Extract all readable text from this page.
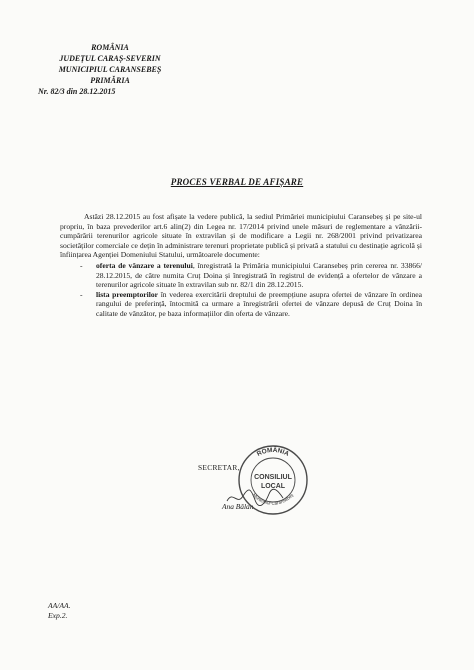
ROMÂNIA
JUDEȚUL CARAȘ-SEVERIN
MUNICIPIUL CARANSEBEȘ
PRIMĂRIA
Nr. 82/3 din 28.12.2015
PROCES VERBAL DE AFIȘARE

Astăzi 28.12.2015 au fost afișate la vedere publică, la sediul Primăriei municipiului Caransebeș și pe site-ul propriu, în baza prevederilor art.6 alin(2) din Legea nr. 17/2014 privind unele măsuri de reglementare a vânzării-cumpărării terenurilor agricole situate în extravilan și de modificare a Legii nr. 268/2001 privind privatizarea societăților comerciale ce dețin în administrare terenuri proprietate publică și privată a statului cu destinație agricolă și înființarea Agenției Domeniului Statului, următoarele documente:

- oferta de vânzare a terenului, înregistrată la Primăria municipiului Caransebeș prin cererea nr. 33866/ 28.12.2015, de către numita Cruț Doina și înregistrată în registrul de evidență a ofertelor de vânzare a terenurilor agricole situate în extravilan sub nr. 82/1 din 28.12.2015.
- lista preemptorilor în vederea exercitării dreptului de preempțiune asupra ofertei de vânzare în ordinea rangului de preferință, întocmită ca urmare a înregistrării ofertei de vânzare depusă de Cruț Doina în calitate de vânzător, pe baza informațiilor din oferta de vânzare.
SECRETAR,
Ana Bâlan
ROMÂNIA
Municipiul Caransebeș
CONSILIUL
LOCAL
AA/AA.
Exp.2.
